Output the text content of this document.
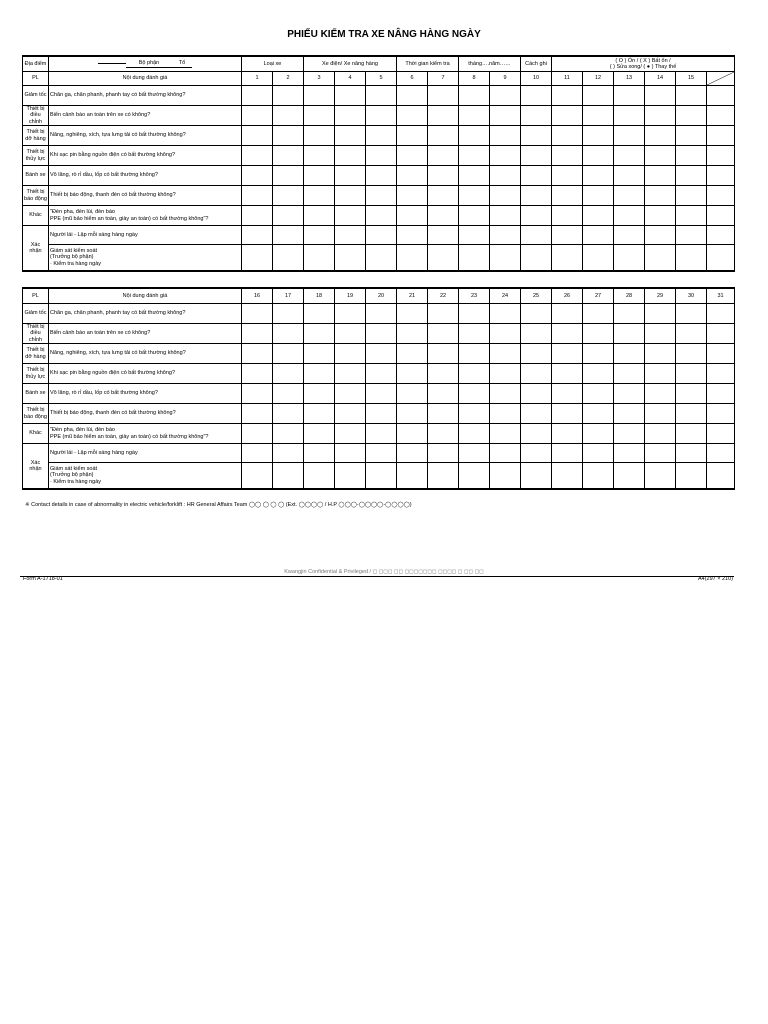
PHIẾU KIỂM TRA XE NÂNG HÀNG NGÀY
Địa điểm	Bộ phận Tổ	Loại xe		Xe điện/ Xe nâng hàng			Thời gian kiểm tra		tháng….năm……		Cách ghi	( O ) Ổn / ( X ) Bất ổn /
( ) Sửa xong/ ( ● ) Thay thế					

PL	Nội dung đánh giá	1	2	3	4	5	6	7	8	9	10	11	12	13	14	15	

Giảm tốc	Chân ga, chân phanh, phanh tay có bất thường không?																
Thiết bị điều chỉnh	Biển cảnh báo an toàn trên xe có không?																
Thiết bị dỡ hàng	Nâng, nghiêng, xích, tựa lưng tải có bất thường không?																
Thiết bị thủy lực	Khi sạc pin bằng nguồn điện có bất thường không?																
Bánh xe	Vô lăng, rò rỉ dầu, lốp có bất thường không?																
Thiết bị báo động	Thiết bị báo động, thanh đèn có bất thường không?																
Khác	"Đèn pha, đèn lùi, đèn báo
PPE (mũ bảo hiểm an toàn, giày an toàn) có bất thường không"?																

Xác nhận	Người lái - Lập mỗi sáng hàng ngày																

	Giám sát kiểm soát
(Trưởng bộ phận)
· Kiểm tra hàng ngày																

PL	Nội dung đánh giá	16	17	18	19	20	21	22	23	24	25	26	27	28	29	30	31
Giảm tốc	Chân ga, chân phanh, phanh tay có bất thường không?																
Thiết bị điều chỉnh	Biển cảnh báo an toàn trên xe có không?																
Thiết bị dỡ hàng	Nâng, nghiêng, xích, tựa lưng tải có bất thường không?																
Thiết bị thủy lực	Khi sạc pin bằng nguồn điện có bất thường không?																
Bánh xe	Vô lăng, rò rỉ dầu, lốp có bất thường không?																
Thiết bị báo động	Thiết bị báo động, thanh đèn có bất thường không?																
Khác	"Đèn pha, đèn lùi, đèn báo
PPE (mũ bảo hiểm an toàn, giày an toàn) có bất thường không"?																

Xác nhận	Người lái - Lập mỗi sáng hàng ngày																

	Giám sát kiểm soát
(Trưởng bộ phận)
· Kiểm tra hàng ngày																

※ Contact details in case of abnormality in electric vehicle/forklift : HR General Affairs Team ◯◯ ◯ ◯ ◯ (Ext. ◯◯◯◯ / H.P ◯◯◯-◯◯◯◯-◯◯◯◯)
Kwangjin Confidential & Privileged / ◻ ◻◻◻ ◻◻ ◻◻◻◻◻◻◻ ◻◻◻◻ ◻ ◻◻ ◻◻
Form A-1718-01	A4(297 × 210)
